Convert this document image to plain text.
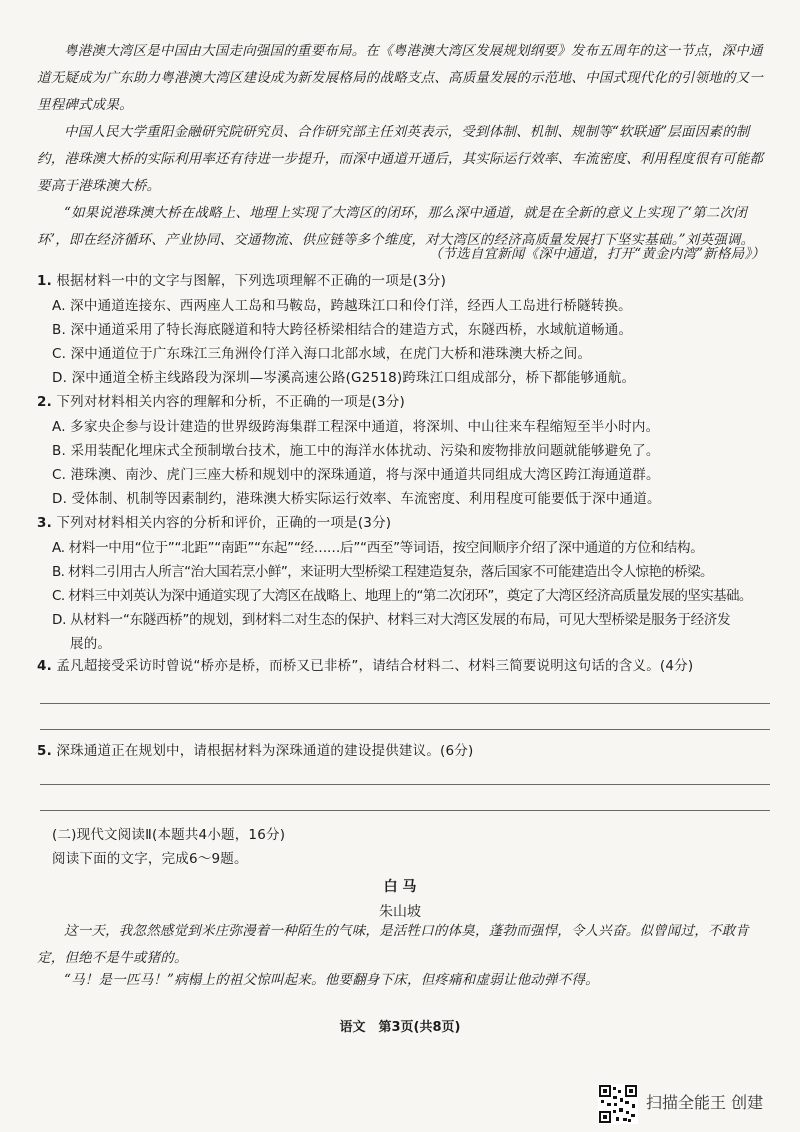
粤港澳大湾区是中国由大国走向强国的重要布局。在《粤港澳大湾区发展规划纲要》发布五周年的这一节点，深中通道无疑成为广东助力粤港澳大湾区建设成为新发展格局的战略支点、高质量发展的示范地、中国式现代化的引领地的又一里程碑式成果。

中国人民大学重阳金融研究院研究员、合作研究部主任刘英表示，受到体制、机制、规制等“软联通”层面因素的制约，港珠澳大桥的实际利用率还有待进一步提升，而深中通道开通后，其实际运行效率、车流密度、利用程度很有可能都要高于港珠澳大桥。

“如果说港珠澳大桥在战略上、地理上实现了大湾区的闭环，那么深中通道，就是在全新的意义上实现了‘第二次闭环’，即在经济循环、产业协同、交通物流、供应链等多个维度，对大湾区的经济高质量发展打下坚实基础。”刘英强调。

（节选自宜新闻《深中通道，打开“黄金内湾”新格局》）

1. 根据材料一中的文字与图解，下列选项理解不正确的一项是(3分)

A. 深中通道连接东、西两座人工岛和马鞍岛，跨越珠江口和伶仃洋，经西人工岛进行桥隧转换。

B. 深中通道采用了特长海底隧道和特大跨径桥梁相结合的建造方式，东隧西桥，水域航道畅通。

C. 深中通道位于广东珠江三角洲伶仃洋入海口北部水域，在虎门大桥和港珠澳大桥之间。

D. 深中通道全桥主线路段为深圳—岑溪高速公路(G2518)跨珠江口组成部分，桥下都能够通航。

2. 下列对材料相关内容的理解和分析，不正确的一项是(3分)

A. 多家央企参与设计建造的世界级跨海集群工程深中通道，将深圳、中山往来车程缩短至半小时内。

B. 采用装配化埋床式全预制墩台技术，施工中的海洋水体扰动、污染和废物排放问题就能够避免了。

C. 港珠澳、南沙、虎门三座大桥和规划中的深珠通道，将与深中通道共同组成大湾区跨江海通道群。

D. 受体制、机制等因素制约，港珠澳大桥实际运行效率、车流密度、利用程度可能要低于深中通道。

3. 下列对材料相关内容的分析和评价，正确的一项是(3分)

A. 材料一中用“位于”“北距”“南距”“东起”“经……后”“西至”等词语，按空间顺序介绍了深中通道的方位和结构。

B. 材料二引用古人所言“治大国若烹小鲜”，来证明大型桥梁工程建造复杂，落后国家不可能建造出令人惊艳的桥梁。

C. 材料三中刘英认为深中通道实现了大湾区在战略上、地理上的“第二次闭环”，奠定了大湾区经济高质量发展的坚实基础。

D. 从材料一“东隧西桥”的规划，到材料二对生态的保护、材料三对大湾区发展的布局，可见大型桥梁是服务于经济发

展的。

4. 孟凡超接受采访时曾说“桥亦是桥，而桥又已非桥”，请结合材料二、材料三简要说明这句话的含义。(4分)
5. 深珠通道正在规划中，请根据材料为深珠通道的建设提供建议。(6分)

(二)现代文阅读Ⅱ(本题共4小题，16分)

阅读下面的文字，完成6～9题。

白 马
朱山坡

这一天，我忽然感觉到米庄弥漫着一种陌生的气味，是活牲口的体臭，蓬勃而强悍，令人兴奋。似曾闻过，不敢肯定，但绝不是牛或猪的。

“马！是一匹马！”病榻上的祖父惊叫起来。他要翻身下床，但疼痛和虚弱让他动弹不得。

语文　第3页(共8页)
扫描全能王 创建
